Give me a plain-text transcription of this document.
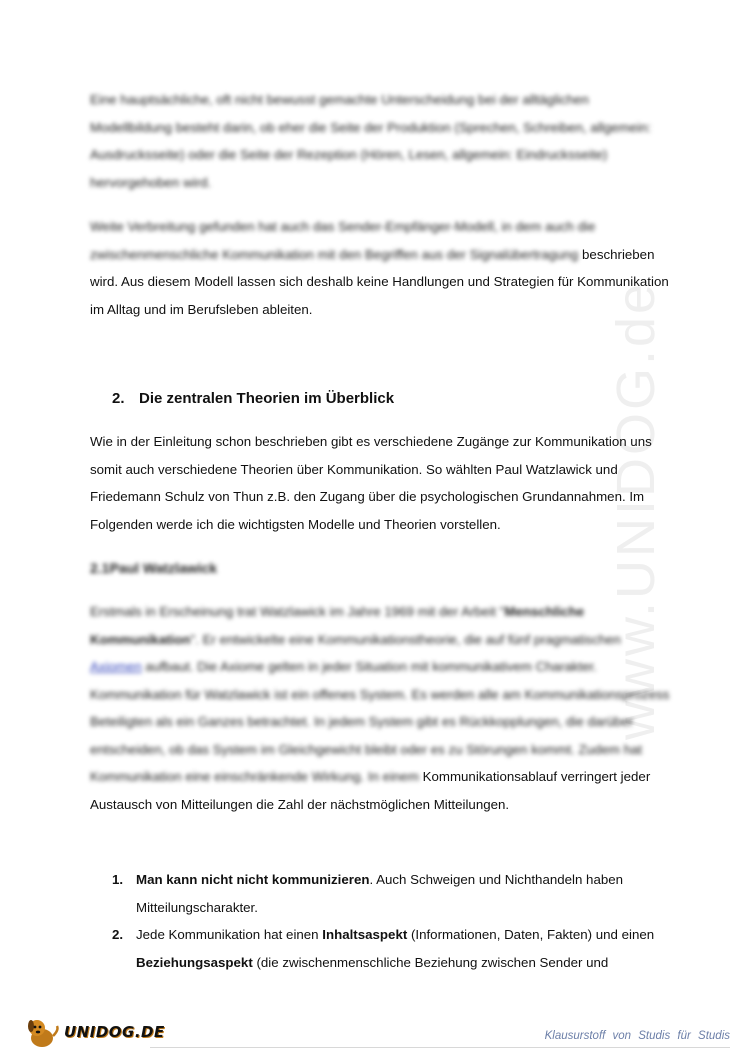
www.UNIDOG.de

Eine hauptsächliche, oft nicht bewusst gemachte Unterscheidung bei der alltäglichen Modellbildung besteht darin, ob eher die Seite der Produktion (Sprechen, Schreiben, allgemein: Ausdrucksseite) oder die Seite der Rezeption (Hören, Lesen, allgemein: Eindrucksseite) hervorgehoben wird.

Weite Verbreitung gefunden hat auch das Sender-Empfänger-Modell, in dem auch die zwischenmenschliche Kommunikation mit den Begriffen aus der Signalübertragung beschrieben wird. Aus diesem Modell lassen sich deshalb keine Handlungen und Strategien für Kommunikation im Alltag und im Berufsleben ableiten.

2. Die zentralen Theorien im Überblick

Wie in der Einleitung schon beschrieben gibt es verschiedene Zugänge zur Kommunikation uns somit auch verschiedene Theorien über Kommunikation. So wählten Paul Watzlawick und Friedemann Schulz von Thun z.B. den Zugang über die psychologischen Grundannahmen. Im Folgenden werde ich die wichtigsten Modelle und Theorien vorstellen.

2.1Paul Watzlawick

Erstmals in Erscheinung trat Watzlawick im Jahre 1969 mit der Arbeit "Menschliche Kommunikation". Er entwickelte eine Kommunikationstheorie, die auf fünf pragmatischen Axiomen aufbaut. Die Axiome gelten in jeder Situation mit kommunikativem Charakter. Kommunikation für Watzlawick ist ein offenes System. Es werden alle am Kommunikationsprozess Beteiligten als ein Ganzes betrachtet. In jedem System gibt es Rückkopplungen, die darüber entscheiden, ob das System im Gleichgewicht bleibt oder es zu Störungen kommt. Zudem hat Kommunikation eine einschränkende Wirkung. In einem Kommunikationsablauf verringert jeder Austausch von Mitteilungen die Zahl der nächstmöglichen Mitteilungen.

1. Man kann nicht nicht kommunizieren. Auch Schweigen und Nichthandeln haben Mitteilungscharakter.
2. Jede Kommunikation hat einen Inhaltsaspekt (Informationen, Daten, Fakten) und einen Beziehungsaspekt (die zwischenmenschliche Beziehung zwischen Sender und
UNIDOG.DE	Klausurstoff von Studis für Studis
